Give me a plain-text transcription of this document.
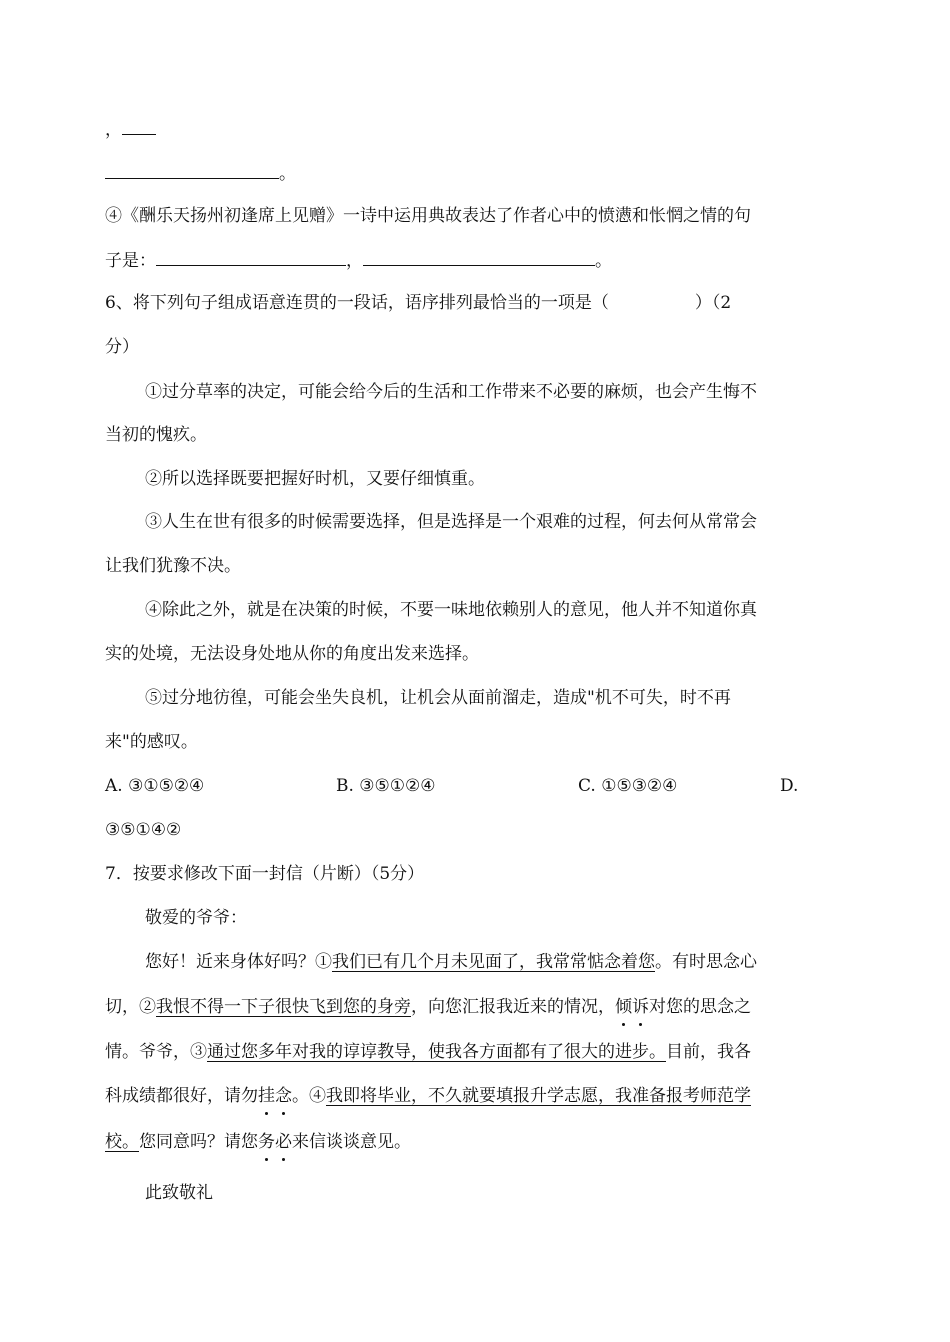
，
。
④《酬乐天扬州初逢席上见赠》一诗中运用典故表达了作者心中的愤懑和怅惘之情的句
子是：	，	。
6、将下列句子组成语意连贯的一段话，语序排列最恰当的一项是（	）（2
分）
①过分草率的决定，可能会给今后的生活和工作带来不必要的麻烦，也会产生悔不
当初的愧疚。
②所以选择既要把握好时机，又要仔细慎重。
③人生在世有很多的时候需要选择，但是选择是一个艰难的过程，何去何从常常会
让我们犹豫不决。
④除此之外，就是在决策的时候，不要一味地依赖别人的意见，他人并不知道你真
实的处境，无法设身处地从你的角度出发来选择。
⑤过分地彷徨，可能会坐失良机，让机会从面前溜走，造成"机不可失，时不再
来"的感叹。
A. ③①⑤②④	B. ③⑤①②④	C. ①⑤③②④	D.
③⑤①④②
7．按要求修改下面一封信（片断）（5分）
敬爱的爷爷：
您好！近来身体好吗？①我们已有几个月未见面了，我常常惦念着您。有时思念心
切，②我恨不得一下子很快飞到您的身旁，向您汇报我近来的情况，倾诉对您的思念之
情。爷爷，③通过您多年对我的谆谆教导，使我各方面都有了很大的进步。目前，我各
科成绩都很好，请勿挂念。④我即将毕业，不久就要填报升学志愿，我准备报考师范学
校。您同意吗？请您务必来信谈谈意见。
此致敬礼
